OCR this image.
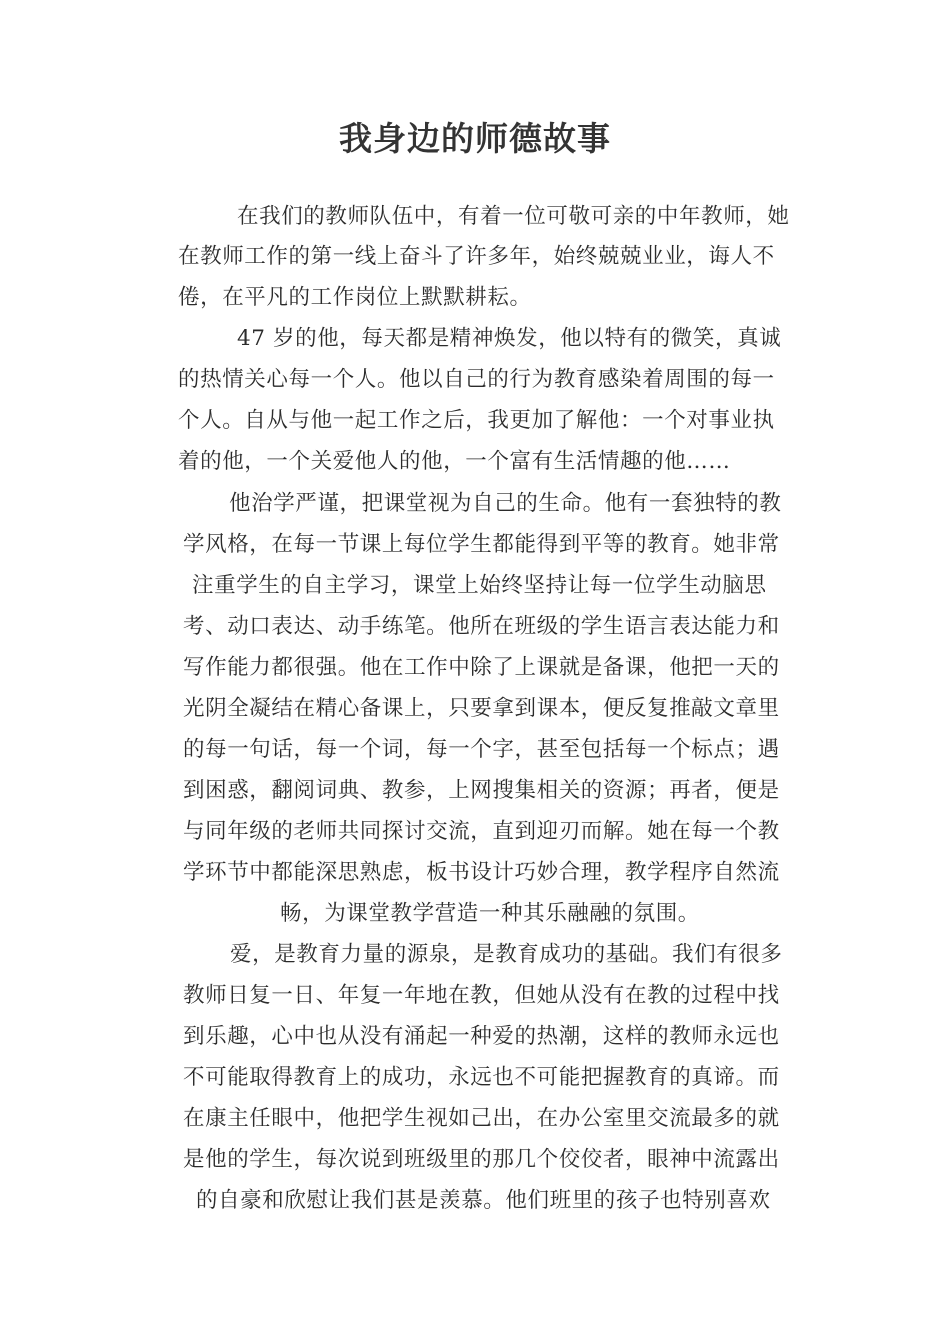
我身边的师德故事
在我们的教师队伍中，有着一位可敬可亲的中年教师，她
在教师工作的第一线上奋斗了许多年，始终兢兢业业，诲人不
倦，在平凡的工作岗位上默默耕耘。
47 岁的他，每天都是精神焕发，他以特有的微笑，真诚
的热情关心每一个人。他以自己的行为教育感染着周围的每一
个人。自从与他一起工作之后，我更加了解他：一个对事业执
着的他，一个关爱他人的他，一个富有生活情趣的他……
他治学严谨，把课堂视为自己的生命。他有一套独特的教
学风格，在每一节课上每位学生都能得到平等的教育。她非常
注重学生的自主学习，课堂上始终坚持让每一位学生动脑思
考、动口表达、动手练笔。他所在班级的学生语言表达能力和
写作能力都很强。他在工作中除了上课就是备课，他把一天的
光阴全凝结在精心备课上，只要拿到课本，便反复推敲文章里
的每一句话，每一个词，每一个字，甚至包括每一个标点；遇
到困惑，翻阅词典、教参，上网搜集相关的资源；再者，便是
与同年级的老师共同探讨交流，直到迎刃而解。她在每一个教
学环节中都能深思熟虑，板书设计巧妙合理，教学程序自然流
畅，为课堂教学营造一种其乐融融的氛围。
爱，是教育力量的源泉，是教育成功的基础。我们有很多
教师日复一日、年复一年地在教，但她从没有在教的过程中找
到乐趣，心中也从没有涌起一种爱的热潮，这样的教师永远也
不可能取得教育上的成功，永远也不可能把握教育的真谛。而
在康主任眼中，他把学生视如己出，在办公室里交流最多的就
是他的学生，每次说到班级里的那几个佼佼者，眼神中流露出
的自豪和欣慰让我们甚是羡慕。他们班里的孩子也特别喜欢
